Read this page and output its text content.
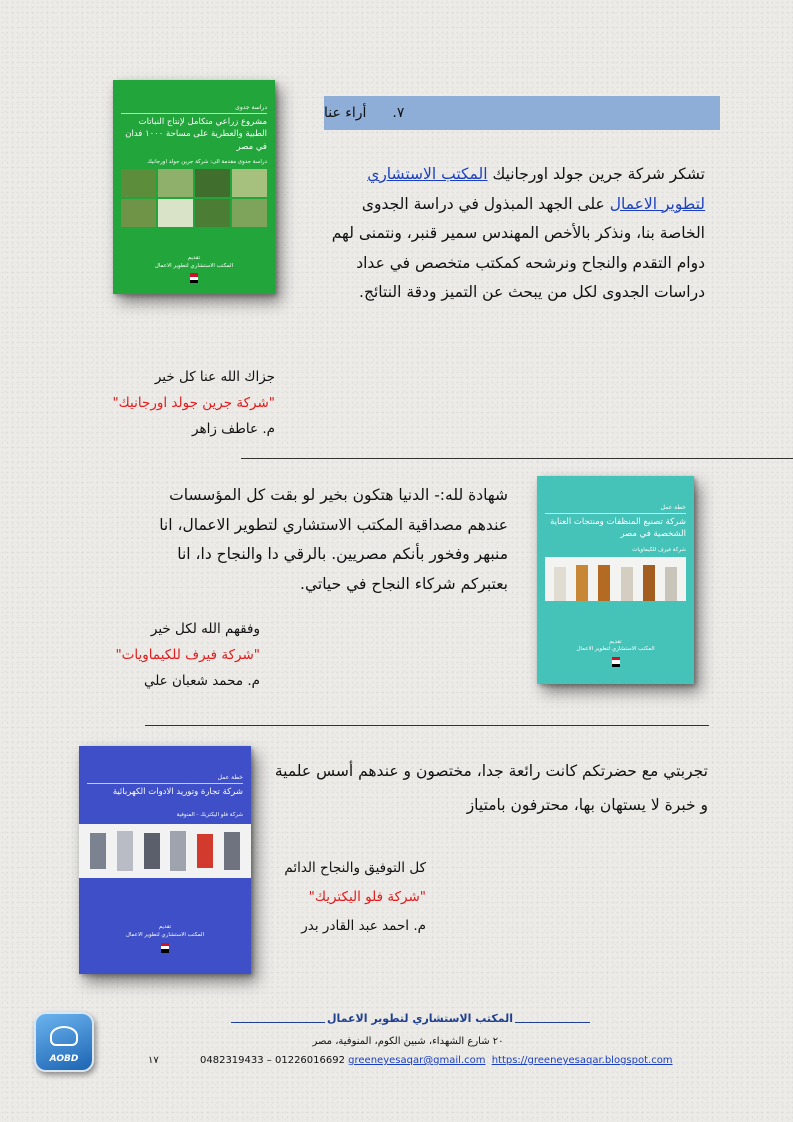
٧.
أراء عنا
دراسة جدوى
مشروع زراعي متكامل لإنتاج النباتات الطبية والعطرية على مساحة ١٠٠٠ فدان في مصر
دراسة جدوى مقدمة الى: شركة جرين جولد اورجانيك
تقديم
المكتب الاستشاري لتطوير الاعمال
تشكر شركة جرين جولد اورجانيك المكتب الاستشاري
لتطوير الاعمال على الجهد المبذول في دراسة الجدوى الخاصة بنا، ونذكر بالأخص المهندس سمير قنبر، ونتمنى لهم دوام التقدم والنجاح ونرشحه كمكتب متخصص في عداد دراسات الجدوى لكل من يبحث عن التميز ودقة النتائج.
جزاك الله عنا كل خير
"شركة جرين جولد اورجانيك"
م. عاطف زاهر
خطة عمل
شركة تصنيع المنظفات ومنتجات العناية الشخصية في مصر
شركة فيرف للكيماويات
تقديم
المكتب الاستشاري لتطوير الاعمال
شهادة لله:- الدنيا هتكون بخير لو بقت كل المؤسسات عندهم مصداقية المكتب الاستشاري لتطوير الاعمال، انا منبهر وفخور بأنكم مصريين. بالرقي دا والنجاح دا، انا بعتبركم شركاء النجاح في حياتي.
وفقهم الله لكل خير
"شركة فيرف للكيماويات"
م. محمد شعبان علي
خطة عمل
شركة تجارة وتوريد الادوات الكهربائية
شركة فلو اليكتريك - المنوفية
تقديم
المكتب الاستشاري لتطوير الاعمال
تجربتي مع حضرتكم كانت رائعة جدا، مختصون و عندهم أسس علمية و خبرة لا يستهان بها، محترفون بامتياز
كل التوفيق والنجاح الدائم
"شركة فلو اليكتريك"
م. احمد عبد القادر بدر
AOBD
المكتب الاستشاري لتطوير الاعمال
٢٠ شارع الشهداء، شبين الكوم، المنوفية، مصر
١٧	0482319433 – 01226016692 greeneyesaqar@gmail.com https://greeneyesaqar.blogspot.com
